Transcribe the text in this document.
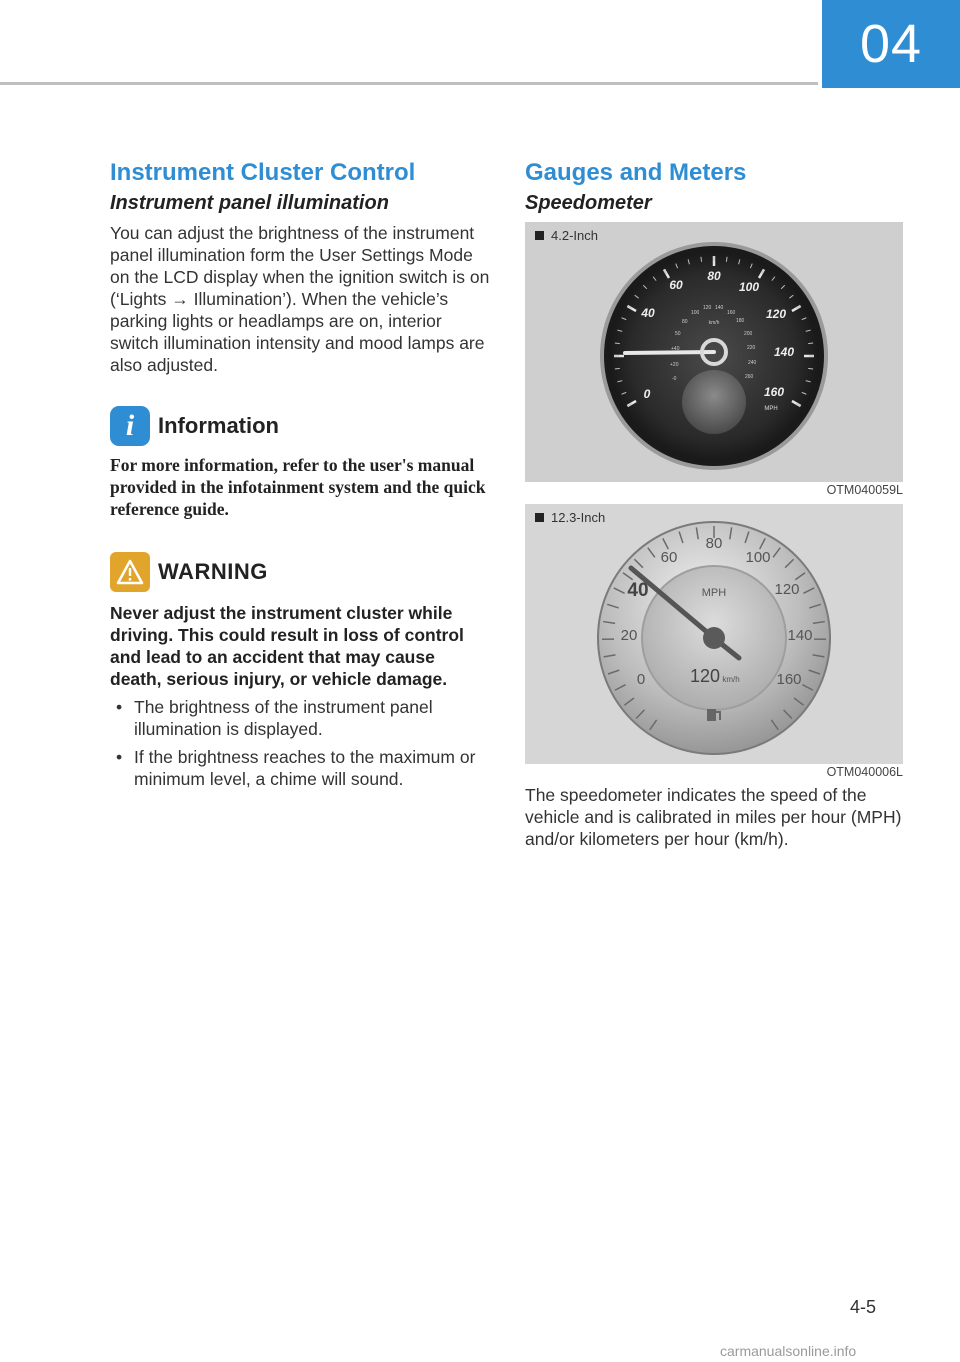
04
Instrument Cluster Control
Instrument panel illumination

You can adjust the brightness of the instrument panel illumination form the User Settings Mode on the LCD display when the ignition switch is on (‘Lights → Illumination’). When the vehicle’s parking lights or headlamps are on, interior switch illumination intensity and mood lamps are also adjusted.

i	Information

For more information, refer to the user's manual provided in the infotainment system and the quick reference guide.

WARNING

Never adjust the instrument cluster while driving. This could result in loss of control and lead to an accident that may cause death, serious injury, or vehicle damage.

• The brightness of the instrument panel illumination is displayed.
• If the brightness reaches to the maximum or minimum level, a chime will sound.
Gauges and Meters
Speedometer
4.2-Inch
0
40
60
80
100
120
140
160
MPH
-0
+20
+40
50
80
100
120 140
160
180
200
220
240
260
km/h

OTM040059L

12.3-Inch
0
20
40
60
80
100
120
140
160
MPH
120 km/h

OTM040006L

The speedometer indicates the speed of the vehicle and is calibrated in miles per hour (MPH) and/or kilometers per hour (km/h).

4-5
carmanualsonline.info
